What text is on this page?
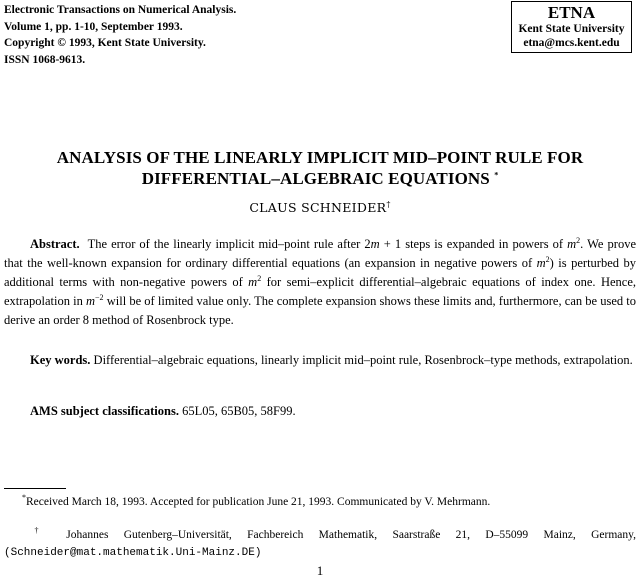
Electronic Transactions on Numerical Analysis.
Volume 1, pp. 1-10, September 1993.
Copyright © 1993, Kent State University.
ISSN 1068-9613.
ETNA
Kent State University
etna@mcs.kent.edu
ANALYSIS OF THE LINEARLY IMPLICIT MID–POINT RULE FOR
DIFFERENTIAL–ALGEBRAIC EQUATIONS *
CLAUS SCHNEIDER†
Abstract. The error of the linearly implicit mid–point rule after 2m + 1 steps is expanded in powers of $m^2$. We prove that the well-known expansion for ordinary differential equations (an expansion in negative powers of $m^2$) is perturbed by additional terms with non-negative powers of $m^2$ for semi–explicit differential–algebraic equations of index one. Hence, extrapolation in $m^{-2}$ will be of limited value only. The complete expansion shows these limits and, furthermore, can be used to derive an order 8 method of Rosenbrock type.
Key words. Differential–algebraic equations, linearly implicit mid–point rule, Rosenbrock–type methods, extrapolation.
AMS subject classifications. 65L05, 65B05, 58F99.
*Received March 18, 1993. Accepted for publication June 21, 1993. Communicated by V. Mehrmann.
† Johannes Gutenberg–Universität, Fachbereich Mathematik, Saarstraße 21, D–55099 Mainz, Germany, (Schneider@mat.mathematik.Uni-Mainz.DE)
1
